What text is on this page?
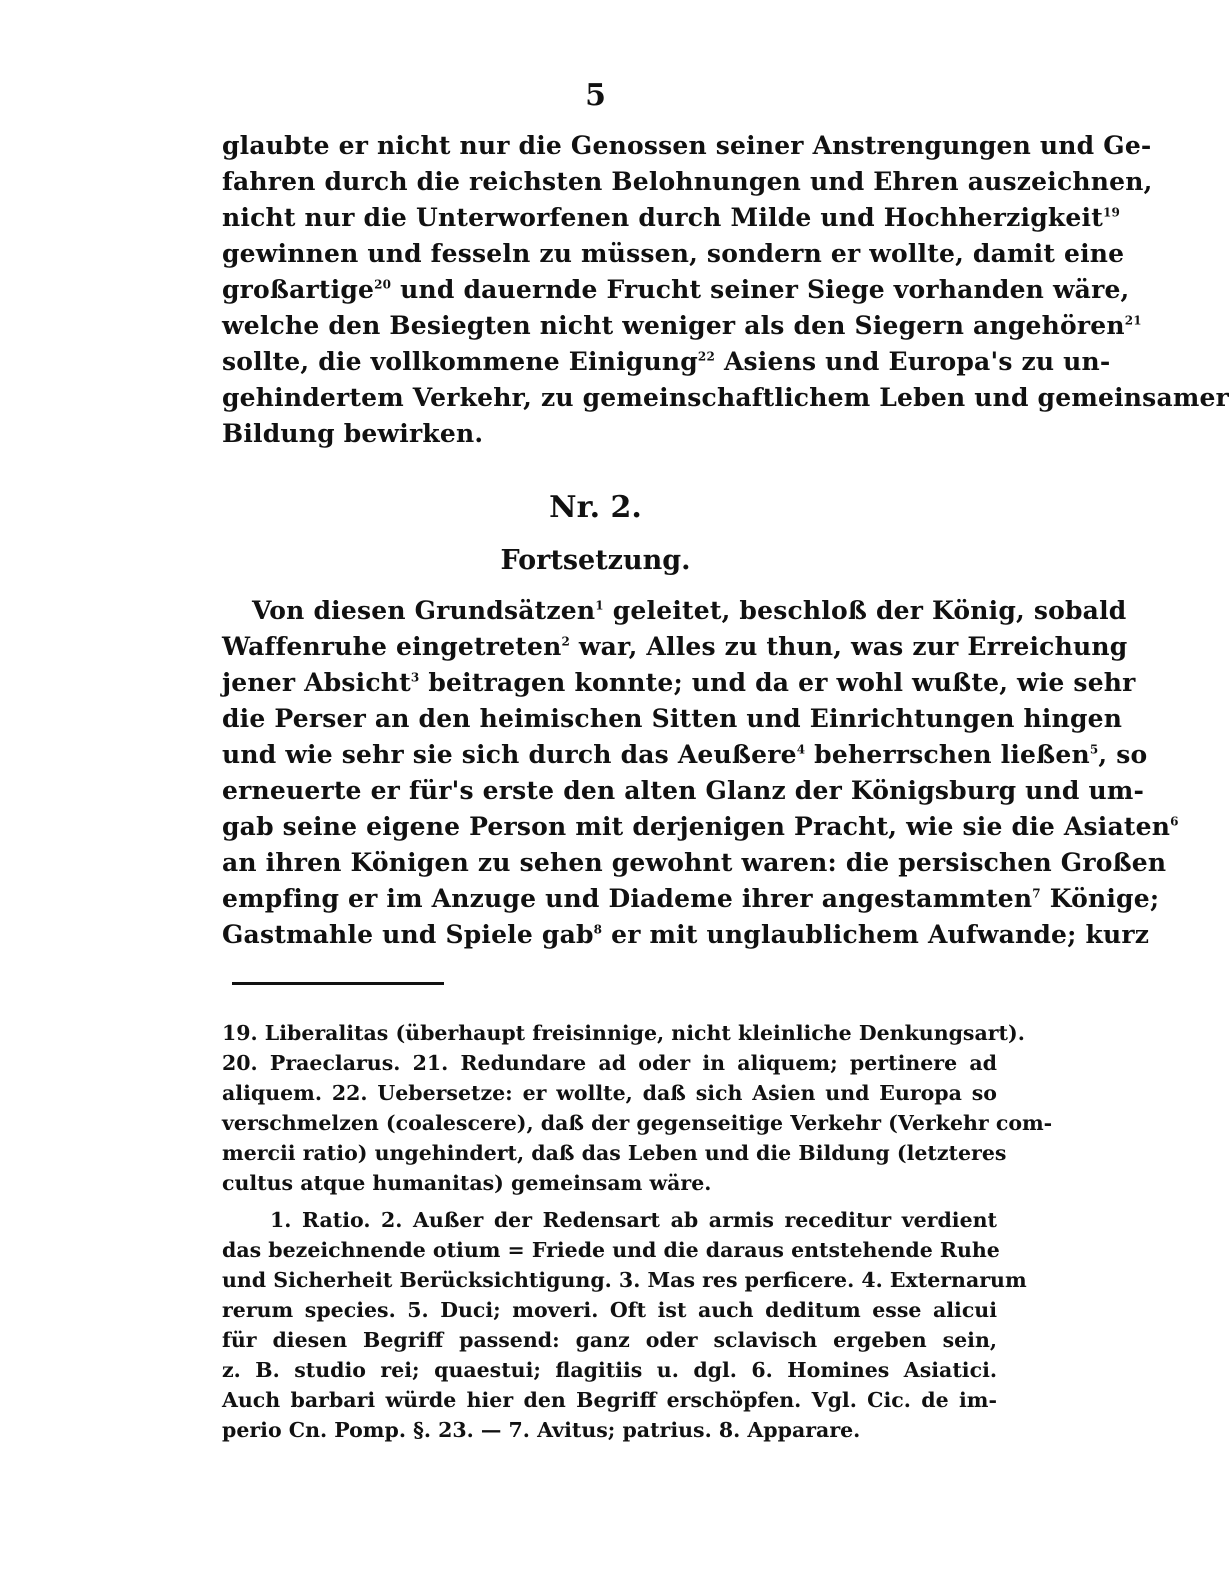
5
glaubte er nicht nur die Genossen seiner Anstrengungen und Ge-
fahren durch die reichsten Belohnungen und Ehren auszeichnen,
nicht nur die Unterworfenen durch Milde und Hochherzigkeit$^{19}$
gewinnen und fesseln zu müssen, sondern er wollte, damit eine
großartige$^{20}$ und dauernde Frucht seiner Siege vorhanden wäre,
welche den Besiegten nicht weniger als den Siegern angehören$^{21}$
sollte, die vollkommene Einigung$^{22}$ Asiens und Europa's zu un-
gehindertem Verkehr, zu gemeinschaftlichem Leben und gemeinsamer
Bildung bewirken.
Nr. 2.
Fortsetzung.
Von diesen Grundsätzen$^1$ geleitet, beschloß der König, sobald
Waffenruhe eingetreten$^2$ war, Alles zu thun, was zur Erreichung
jener Absicht$^3$ beitragen konnte; und da er wohl wußte, wie sehr
die Perser an den heimischen Sitten und Einrichtungen hingen
und wie sehr sie sich durch das Aeußere$^4$ beherrschen ließen$^5$, so
erneuerte er für's erste den alten Glanz der Königsburg und um-
gab seine eigene Person mit derjenigen Pracht, wie sie die Asiaten$^6$
an ihren Königen zu sehen gewohnt waren: die persischen Großen
empfing er im Anzuge und Diademe ihrer angestammten$^7$ Könige;
Gastmahle und Spiele gab$^8$ er mit unglaublichem Aufwande; kurz
19. Liberalitas (überhaupt freisinnige, nicht kleinliche Denkungsart).
20. Praeclarus. 21. Redundare ad oder in aliquem; pertinere ad
aliquem. 22. Uebersetze: er wollte, daß sich Asien und Europa so
verschmelzen (coalescere), daß der gegenseitige Verkehr (Verkehr com-
mercii ratio) ungehindert, daß das Leben und die Bildung (letzteres
cultus atque humanitas) gemeinsam wäre.
1. Ratio. 2. Außer der Redensart ab armis receditur verdient
das bezeichnende otium = Friede und die daraus entstehende Ruhe
und Sicherheit Berücksichtigung. 3. Mas res perficere. 4. Externarum
rerum species. 5. Duci; moveri. Oft ist auch deditum esse alicui
für diesen Begriff passend: ganz oder sclavisch ergeben sein,
z. B. studio rei; quaestui; flagitiis u. dgl. 6. Homines Asiatici.
Auch barbari würde hier den Begriff erschöpfen. Vgl. Cic. de im-
perio Cn. Pomp. §. 23. — 7. Avitus; patrius. 8. Apparare.
